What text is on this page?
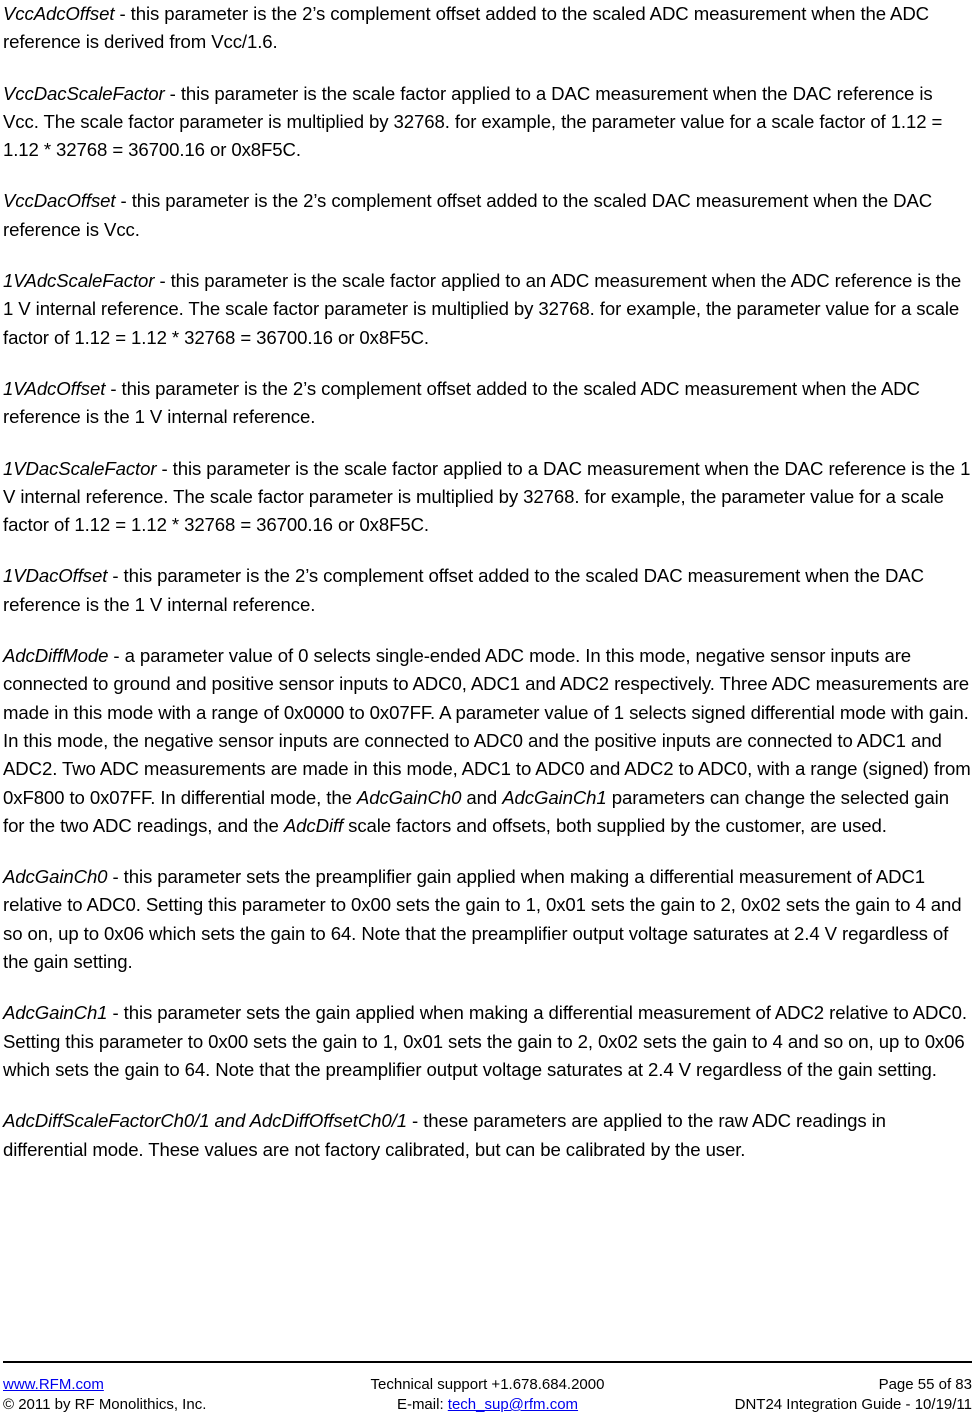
VccAdcOffset - this parameter is the 2’s complement offset added to the scaled ADC measurement when the ADC reference is derived from Vcc/1.6.

VccDacScaleFactor - this parameter is the scale factor applied to a DAC measurement when the DAC reference is Vcc. The scale factor parameter is multiplied by 32768. for example, the parameter value for a scale factor of 1.12 = 1.12 * 32768 = 36700.16 or 0x8F5C.

VccDacOffset - this parameter is the 2’s complement offset added to the scaled DAC measurement when the DAC reference is Vcc.

1VAdcScaleFactor - this parameter is the scale factor applied to an ADC measurement when the ADC reference is the 1 V internal reference. The scale factor parameter is multiplied by 32768. for example, the parameter value for a scale factor of 1.12 = 1.12 * 32768 = 36700.16 or 0x8F5C.

1VAdcOffset - this parameter is the 2’s complement offset added to the scaled ADC measurement when the ADC reference is the 1 V internal reference.

1VDacScaleFactor - this parameter is the scale factor applied to a DAC measurement when the DAC reference is the 1 V internal reference. The scale factor parameter is multiplied by 32768. for example, the parameter value for a scale factor of 1.12 = 1.12 * 32768 = 36700.16 or 0x8F5C.

1VDacOffset - this parameter is the 2’s complement offset added to the scaled DAC measurement when the DAC reference is the 1 V internal reference.

AdcDiffMode - a parameter value of 0 selects single-ended ADC mode. In this mode, negative sensor inputs are connected to ground and positive sensor inputs to ADC0, ADC1 and ADC2 respectively. Three ADC measurements are made in this mode with a range of 0x0000 to 0x07FF. A parameter value of 1 selects signed differential mode with gain. In this mode, the negative sensor inputs are connected to ADC0 and the positive inputs are connected to ADC1 and ADC2. Two ADC measurements are made in this mode, ADC1 to ADC0 and ADC2 to ADC0, with a range (signed) from 0xF800 to 0x07FF. In differential mode, the AdcGainCh0 and AdcGainCh1 parameters can change the selected gain for the two ADC readings, and the AdcDiff scale factors and offsets, both supplied by the customer, are used.

AdcGainCh0 - this parameter sets the preamplifier gain applied when making a differential measurement of ADC1 relative to ADC0. Setting this parameter to 0x00 sets the gain to 1, 0x01 sets the gain to 2, 0x02 sets the gain to 4 and so on, up to 0x06 which sets the gain to 64. Note that the preamplifier output voltage saturates at 2.4 V regardless of the gain setting.

AdcGainCh1 - this parameter sets the gain applied when making a differential measurement of ADC2 relative to ADC0. Setting this parameter to 0x00 sets the gain to 1, 0x01 sets the gain to 2, 0x02 sets the gain to 4 and so on, up to 0x06 which sets the gain to 64. Note that the preamplifier output voltage saturates at 2.4 V regardless of the gain setting.

AdcDiffScaleFactorCh0/1 and AdcDiffOffsetCh0/1 - these parameters are applied to the raw ADC readings in differential mode. These values are not factory calibrated, but can be calibrated by the user.

www.RFM.com	Technical support +1.678.684.2000	Page 55 of 83
© 2011 by RF Monolithics, Inc.	E-mail: tech_sup@rfm.com	DNT24 Integration Guide - 10/19/11
